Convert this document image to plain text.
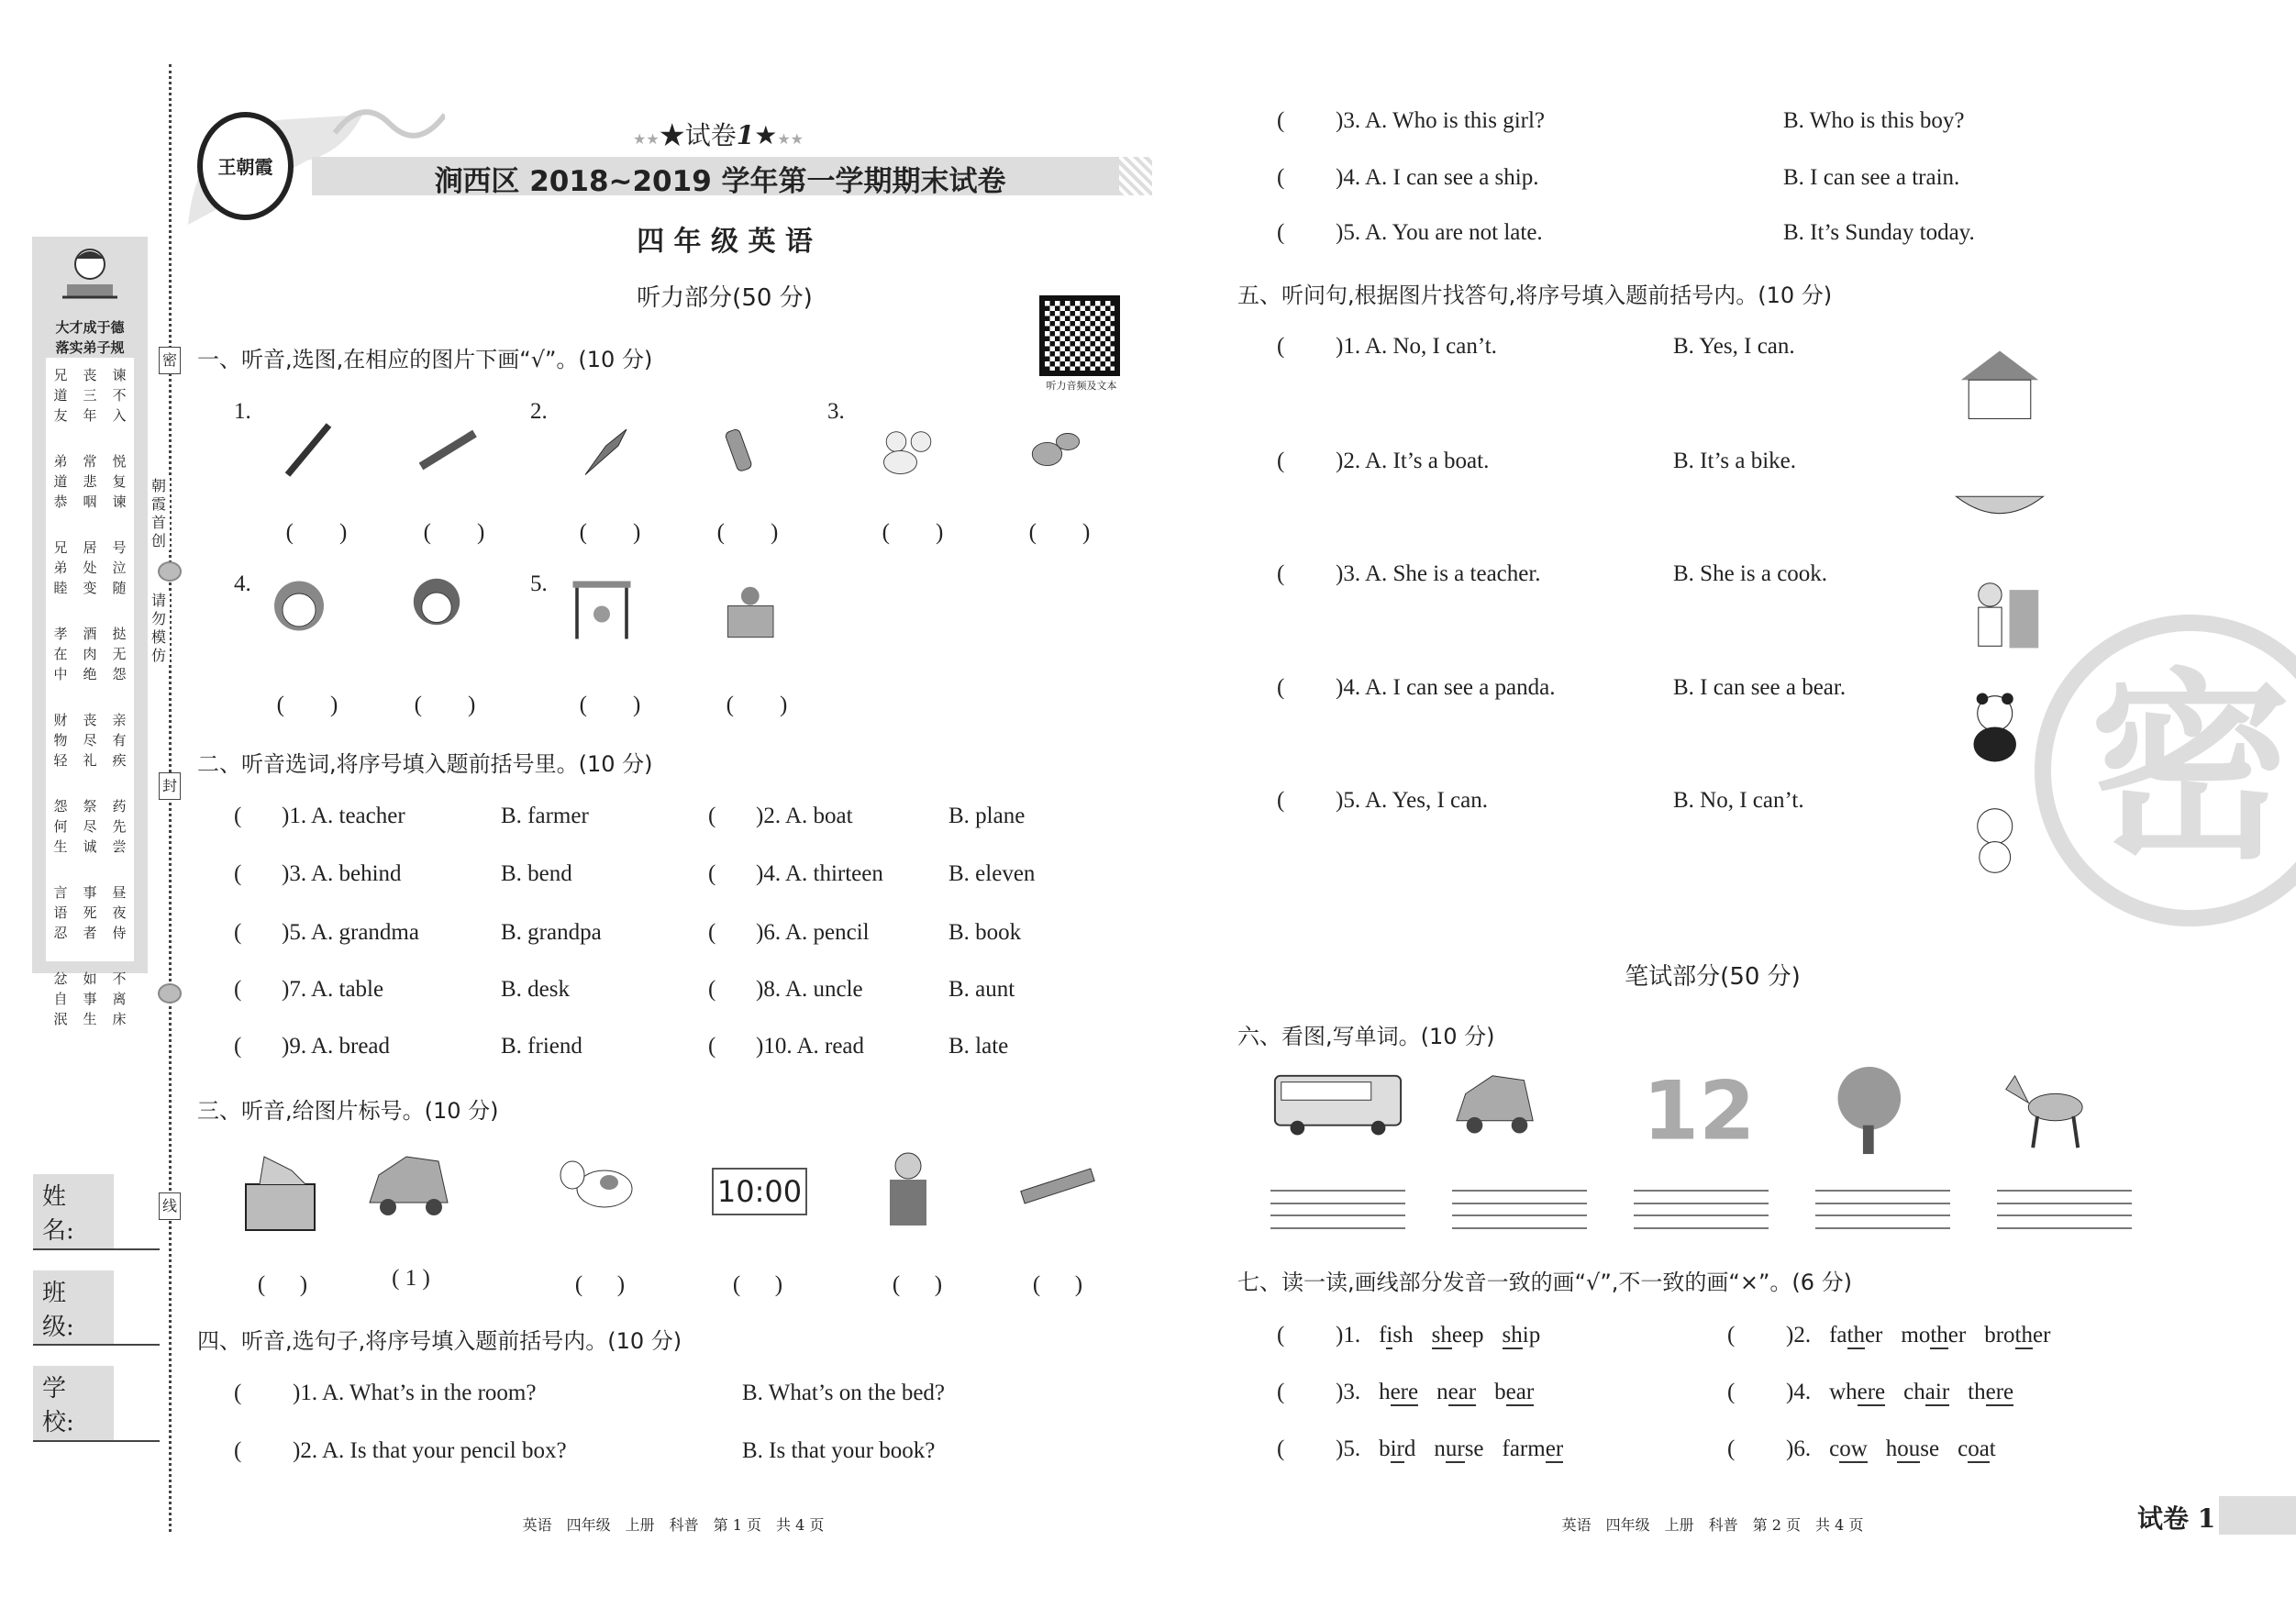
密
封
线
朝霞首创
请勿模仿
大才成于德
落实弟子规
兄道友
弟道恭
兄弟睦
孝在中
财物轻
怨何生
言语忍
忿自泯
丧三年
常悲咽
居处变
酒肉绝
丧尽礼
祭尽诚
事死者
如事生
谏不入
悦复谏
号泣随
挞无怨
亲有疾
药先尝
昼夜侍
不离床
姓　名:
班　级:
学　校:
王朝霞
★★★试卷1★★★
涧西区 2018~2019 学年第一学期期末试卷
四 年 级 英 语
听力部分(50 分)
听力音频及文本
一、听音,选图,在相应的图片下画“√”。(10 分)
二、听音选词,将序号填入题前括号里。(10 分)
三、听音,给图片标号。(10 分)
四、听音,选句子,将序号填入题前括号内。(10 分)
英语　四年级　上册　科普　第 1 页　共 4 页
密
五、听问句,根据图片找答句,将序号填入题前括号内。(10 分)
笔试部分(50 分)
六、看图,写单词。(10 分)
七、读一读,画线部分发音一致的画“√”,不一致的画“×”。(6 分)
英语　四年级　上册　科普　第 2 页　共 4 页	试卷 1
1.	2.	3.
4.	5.
(　　)	(　　)	(　　)	(　　)	(　　)	(　　)
(　　)	(　　)	(　　)	(　　)
( )1. A. teacher	B. farmer	( )2. A. boat	B. plane
( )3. A. behind	B. bend	( )4. A. thirteen	B. eleven
( )5. A. grandma	B. grandpa	( )6. A. pencil	B. book
( )7. A. table	B. desk	( )8. A. uncle	B. aunt
( )9. A. bread	B. friend	( )10. A. read	B. late
( 　 )	( 1 )	( 　 )
10:00
( 　 )	( 　 )	( 　 )
( )1. A. What’s in the room?	B. What’s on the bed?
( )2. A. Is that your pencil box?	B. Is that your book?
( )3. A. Who is this girl?	B. Who is this boy?
( )4. A. I can see a ship.	B. I can see a train.
( )5. A. You are not late.	B. It’s Sunday today.
( )1. A. No, I can’t.	B. Yes, I can.
( )2. A. It’s a boat.	B. It’s a bike.
( )3. A. She is a teacher.	B. She is a cook.
( )4. A. I can see a panda.	B. I can see a bear.
( )5. A. Yes, I can.	B. No, I can’t.
12
( )1. fish sheep ship	( )2. father mother brother
( )3. here near bear	( )4. where chair there
( )5. bird nurse farmer	( )6. cow house coat
